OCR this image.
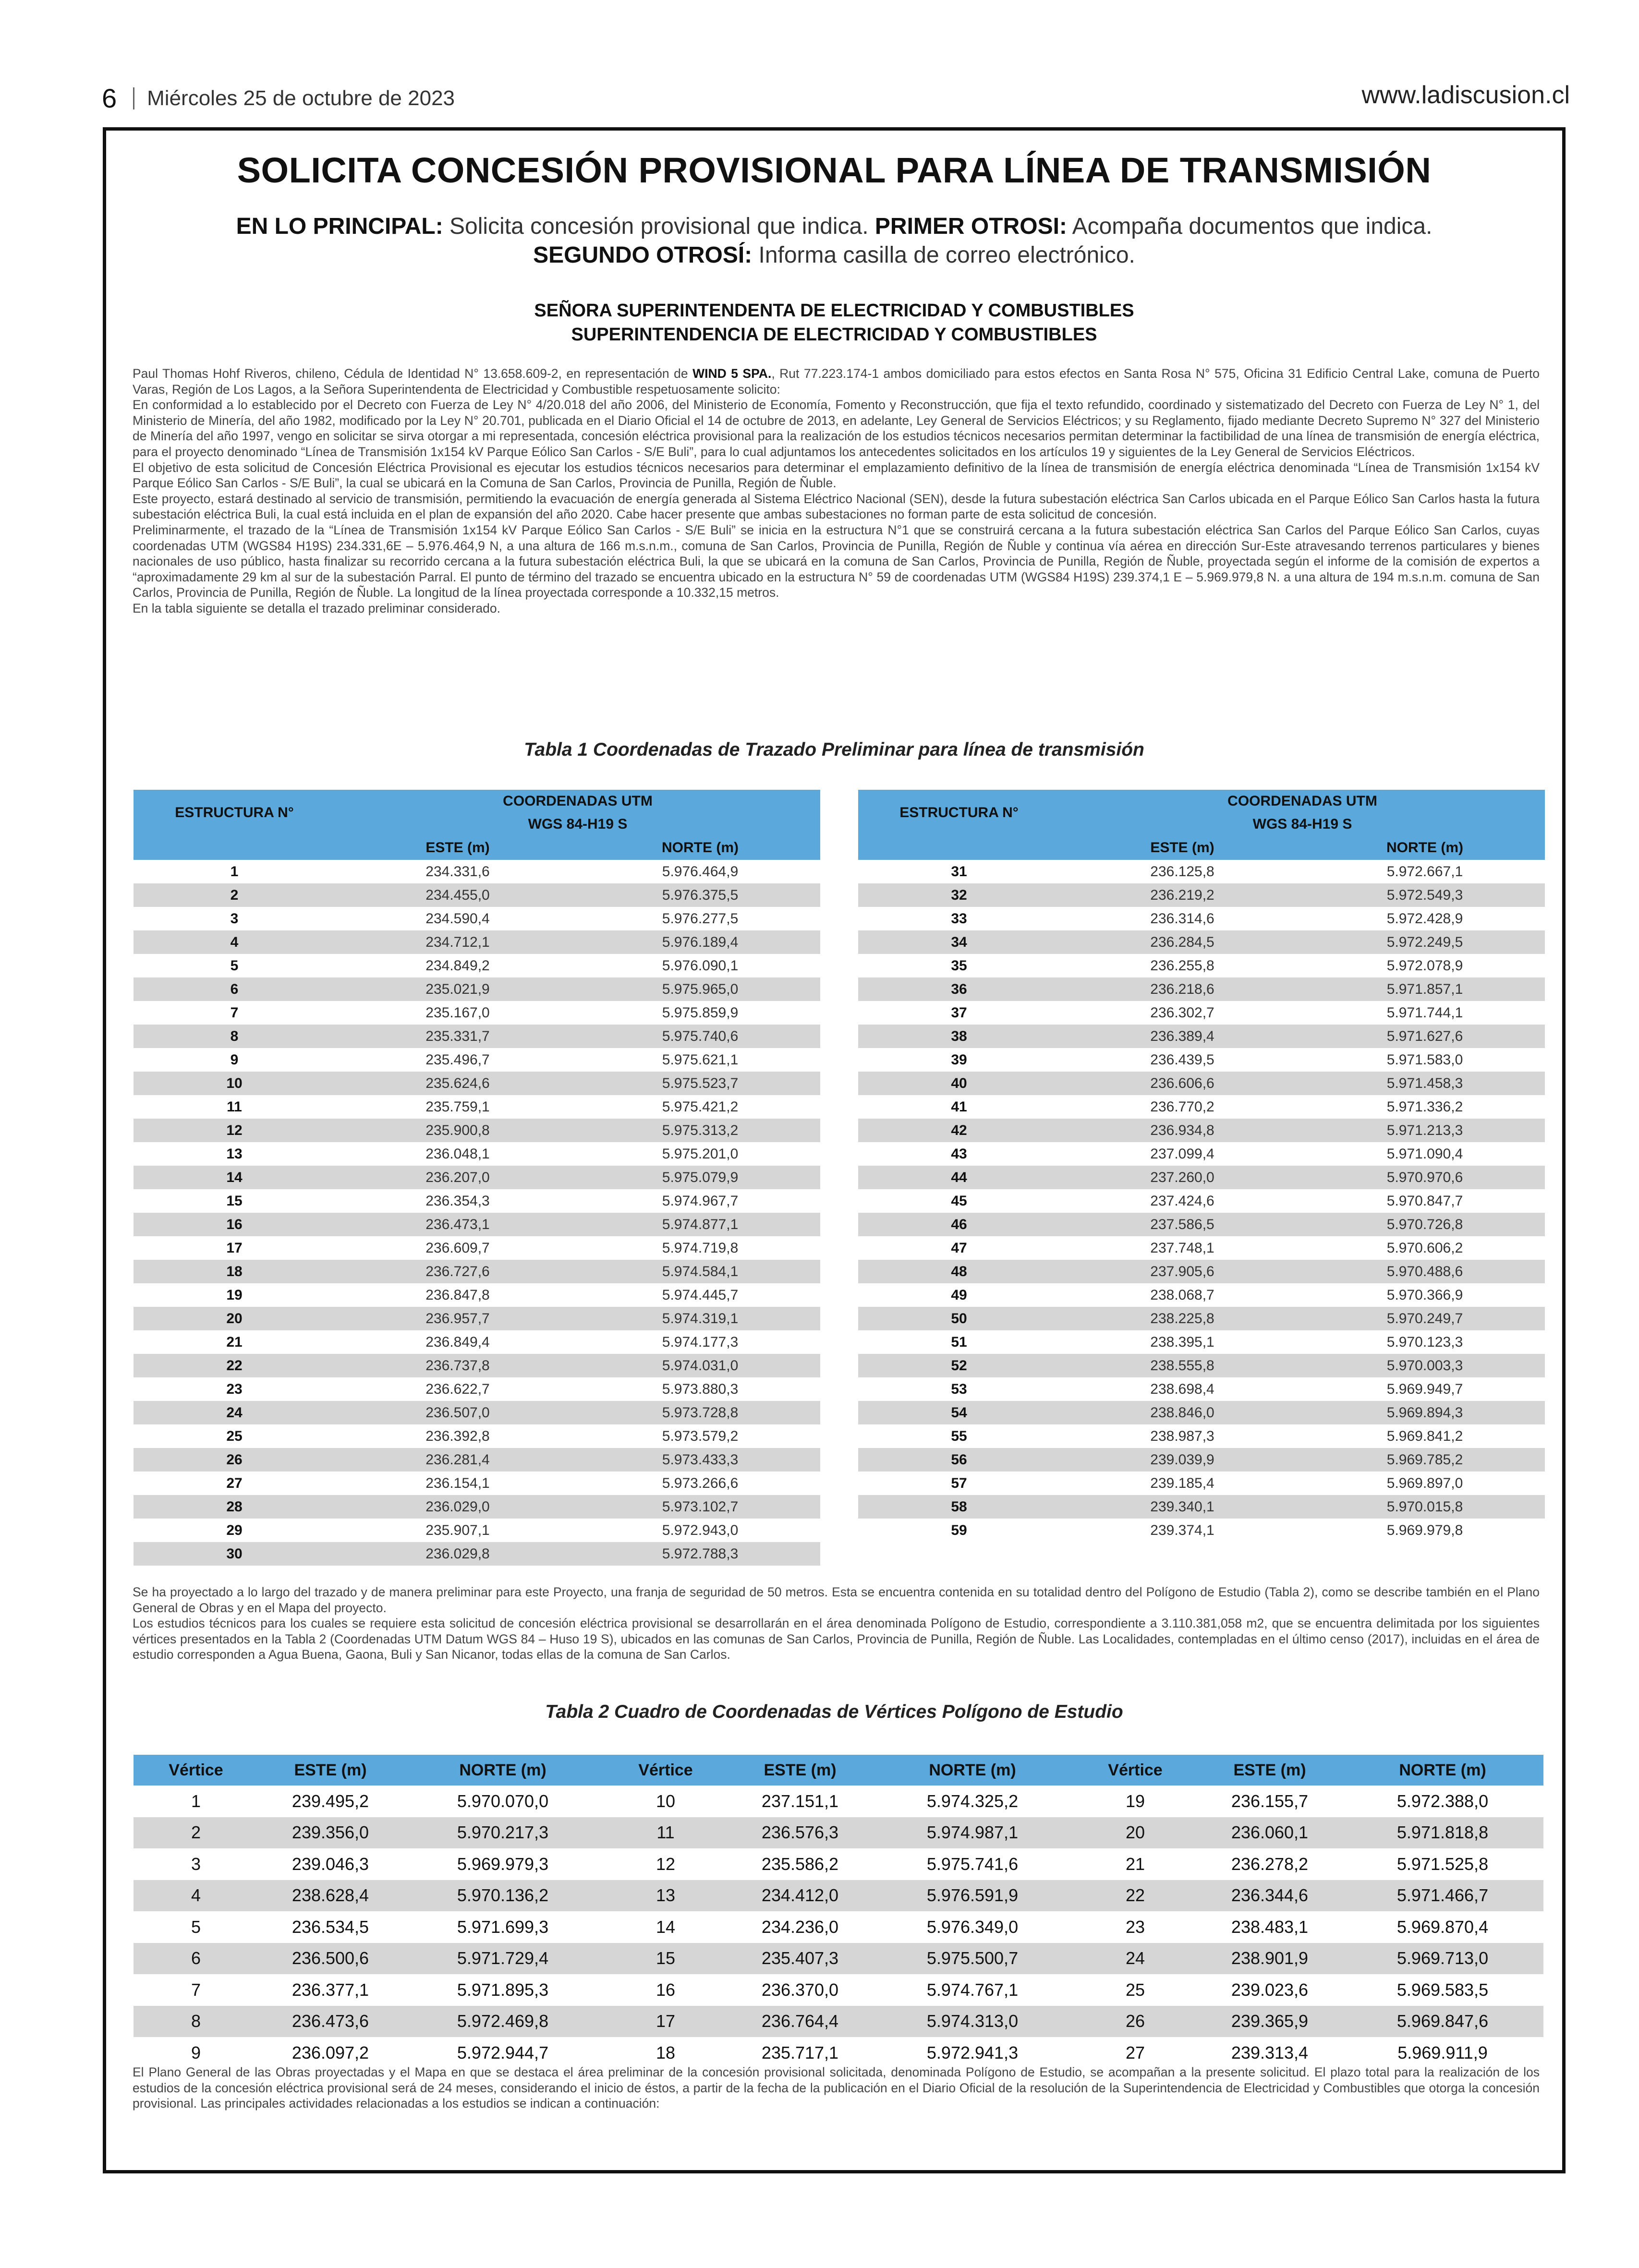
6 Miércoles 25 de octubre de 2023	www.ladiscusion.cl
SOLICITA CONCESIÓN PROVISIONAL PARA LÍNEA DE TRANSMISIÓN
EN LO PRINCIPAL: Solicita concesión provisional que indica. PRIMER OTROSI: Acompaña documentos que indica.
SEGUNDO OTROSÍ: Informa casilla de correo electrónico.
SEÑORA SUPERINTENDENTA DE ELECTRICIDAD Y COMBUSTIBLES
SUPERINTENDENCIA DE ELECTRICIDAD Y COMBUSTIBLES

Paul Thomas Hohf Riveros, chileno, Cédula de Identidad N° 13.658.609-2, en representación de WIND 5 SPA., Rut 77.223.174-1 ambos domiciliado para estos efectos en Santa Rosa N° 575, Oficina 31 Edificio Central Lake, comuna de Puerto Varas, Región de Los Lagos, a la Señora Superintendenta de Electricidad y Combustible respetuosamente solicito:

En conformidad a lo establecido por el Decreto con Fuerza de Ley N° 4/20.018 del año 2006, del Ministerio de Economía, Fomento y Reconstrucción, que fija el texto refundido, coordinado y sistematizado del Decreto con Fuerza de Ley N° 1, del Ministerio de Minería, del año 1982, modificado por la Ley N° 20.701, publicada en el Diario Oficial el 14 de octubre de 2013, en adelante, Ley General de Servicios Eléctricos; y su Reglamento, fijado mediante Decreto Supremo N° 327 del Ministerio de Minería del año 1997, vengo en solicitar se sirva otorgar a mi representada, concesión eléctrica provisional para la realización de los estudios técnicos necesarios permitan determinar la factibilidad de una línea de transmisión de energía eléctrica, para el proyecto denominado “Línea de Transmisión 1x154 kV Parque Eólico San Carlos - S/E Buli”, para lo cual adjuntamos los antecedentes solicitados en los artículos 19 y siguientes de la Ley General de Servicios Eléctricos.

El objetivo de esta solicitud de Concesión Eléctrica Provisional es ejecutar los estudios técnicos necesarios para determinar el emplazamiento definitivo de la línea de transmisión de energía eléctrica denominada “Línea de Transmisión 1x154 kV Parque Eólico San Carlos - S/E Buli”, la cual se ubicará en la Comuna de San Carlos, Provincia de Punilla, Región de Ñuble.

Este proyecto, estará destinado al servicio de transmisión, permitiendo la evacuación de energía generada al Sistema Eléctrico Nacional (SEN), desde la futura subestación eléctrica San Carlos ubicada en el Parque Eólico San Carlos hasta la futura subestación eléctrica Buli, la cual está incluida en el plan de expansión del año 2020. Cabe hacer presente que ambas subestaciones no forman parte de esta solicitud de concesión.

Preliminarmente, el trazado de la “Línea de Transmisión 1x154 kV Parque Eólico San Carlos - S/E Buli” se inicia en la estructura N°1 que se construirá cercana a la futura subestación eléctrica San Carlos del Parque Eólico San Carlos, cuyas coordenadas UTM (WGS84 H19S) 234.331,6E – 5.976.464,9 N, a una altura de 166 m.s.n.m., comuna de San Carlos, Provincia de Punilla, Región de Ñuble y continua vía aérea en dirección Sur-Este atravesando terrenos particulares y bienes nacionales de uso público, hasta finalizar su recorrido cercana a la futura subestación eléctrica Buli, la que se ubicará en la comuna de San Carlos, Provincia de Punilla, Región de Ñuble, proyectada según el informe de la comisión de expertos a “aproximadamente 29 km al sur de la subestación Parral. El punto de término del trazado se encuentra ubicado en la estructura N° 59 de coordenadas UTM (WGS84 H19S) 239.374,1 E – 5.969.979,8 N. a una altura de 194 m.s.n.m. comuna de San Carlos, Provincia de Punilla, Región de Ñuble. La longitud de la línea proyectada corresponde a 10.332,15 metros.

En la tabla siguiente se detalla el trazado preliminar considerado.

Tabla 1 Coordenadas de Trazado Preliminar para línea de transmisión
ESTRUCTURA N°	COORDENADAS UTM	
	WGS 84-H19 S	
	ESTE (m)	NORTE (m)
1	234.331,6	5.976.464,9
2	234.455,0	5.976.375,5
3	234.590,4	5.976.277,5
4	234.712,1	5.976.189,4
5	234.849,2	5.976.090,1
6	235.021,9	5.975.965,0
7	235.167,0	5.975.859,9
8	235.331,7	5.975.740,6
9	235.496,7	5.975.621,1
10	235.624,6	5.975.523,7
11	235.759,1	5.975.421,2
12	235.900,8	5.975.313,2
13	236.048,1	5.975.201,0
14	236.207,0	5.975.079,9
15	236.354,3	5.974.967,7
16	236.473,1	5.974.877,1
17	236.609,7	5.974.719,8
18	236.727,6	5.974.584,1
19	236.847,8	5.974.445,7
20	236.957,7	5.974.319,1
21	236.849,4	5.974.177,3
22	236.737,8	5.974.031,0
23	236.622,7	5.973.880,3
24	236.507,0	5.973.728,8
25	236.392,8	5.973.579,2
26	236.281,4	5.973.433,3
27	236.154,1	5.973.266,6
28	236.029,0	5.973.102,7
29	235.907,1	5.972.943,0
30	236.029,8	5.972.788,3
ESTRUCTURA N°	COORDENADAS UTM	
	WGS 84-H19 S	
	ESTE (m)	NORTE (m)
31	236.125,8	5.972.667,1
32	236.219,2	5.972.549,3
33	236.314,6	5.972.428,9
34	236.284,5	5.972.249,5
35	236.255,8	5.972.078,9
36	236.218,6	5.971.857,1
37	236.302,7	5.971.744,1
38	236.389,4	5.971.627,6
39	236.439,5	5.971.583,0
40	236.606,6	5.971.458,3
41	236.770,2	5.971.336,2
42	236.934,8	5.971.213,3
43	237.099,4	5.971.090,4
44	237.260,0	5.970.970,6
45	237.424,6	5.970.847,7
46	237.586,5	5.970.726,8
47	237.748,1	5.970.606,2
48	237.905,6	5.970.488,6
49	238.068,7	5.970.366,9
50	238.225,8	5.970.249,7
51	238.395,1	5.970.123,3
52	238.555,8	5.970.003,3
53	238.698,4	5.969.949,7
54	238.846,0	5.969.894,3
55	238.987,3	5.969.841,2
56	239.039,9	5.969.785,2
57	239.185,4	5.969.897,0
58	239.340,1	5.970.015,8
59	239.374,1	5.969.979,8

Se ha proyectado a lo largo del trazado y de manera preliminar para este Proyecto, una franja de seguridad de 50 metros. Esta se encuentra contenida en su totalidad dentro del Polígono de Estudio (Tabla 2), como se describe también en el Plano General de Obras y en el Mapa del proyecto.

Los estudios técnicos para los cuales se requiere esta solicitud de concesión eléctrica provisional se desarrollarán en el área denominada Polígono de Estudio, correspondiente a 3.110.381,058 m2, que se encuentra delimitada por los siguientes vértices presentados en la Tabla 2 (Coordenadas UTM Datum WGS 84 – Huso 19 S), ubicados en las comunas de San Carlos, Provincia de Punilla, Región de Ñuble. Las Localidades, contempladas en el último censo (2017), incluidas en el área de estudio corresponden a Agua Buena, Gaona, Buli y San Nicanor, todas ellas de la comuna de San Carlos.

Tabla 2 Cuadro de Coordenadas de Vértices Polígono de Estudio
Vértice	ESTE (m)	NORTE (m)	Vértice	ESTE (m)	NORTE (m)	Vértice	ESTE (m)	NORTE (m)
1	239.495,2	5.970.070,0	10	237.151,1	5.974.325,2	19	236.155,7	5.972.388,0
2	239.356,0	5.970.217,3	11	236.576,3	5.974.987,1	20	236.060,1	5.971.818,8
3	239.046,3	5.969.979,3	12	235.586,2	5.975.741,6	21	236.278,2	5.971.525,8
4	238.628,4	5.970.136,2	13	234.412,0	5.976.591,9	22	236.344,6	5.971.466,7
5	236.534,5	5.971.699,3	14	234.236,0	5.976.349,0	23	238.483,1	5.969.870,4
6	236.500,6	5.971.729,4	15	235.407,3	5.975.500,7	24	238.901,9	5.969.713,0
7	236.377,1	5.971.895,3	16	236.370,0	5.974.767,1	25	239.023,6	5.969.583,5
8	236.473,6	5.972.469,8	17	236.764,4	5.974.313,0	26	239.365,9	5.969.847,6
9	236.097,2	5.972.944,7	18	235.717,1	5.972.941,3	27	239.313,4	5.969.911,9

El Plano General de las Obras proyectadas y el Mapa en que se destaca el área preliminar de la concesión provisional solicitada, denominada Polígono de Estudio, se acompañan a la presente solicitud. El plazo total para la realización de los estudios de la concesión eléctrica provisional será de 24 meses, considerando el inicio de éstos, a partir de la fecha de la publicación en el Diario Oficial de la resolución de la Superintendencia de Electricidad y Combustibles que otorga la concesión provisional. Las principales actividades relacionadas a los estudios se indican a continuación:
